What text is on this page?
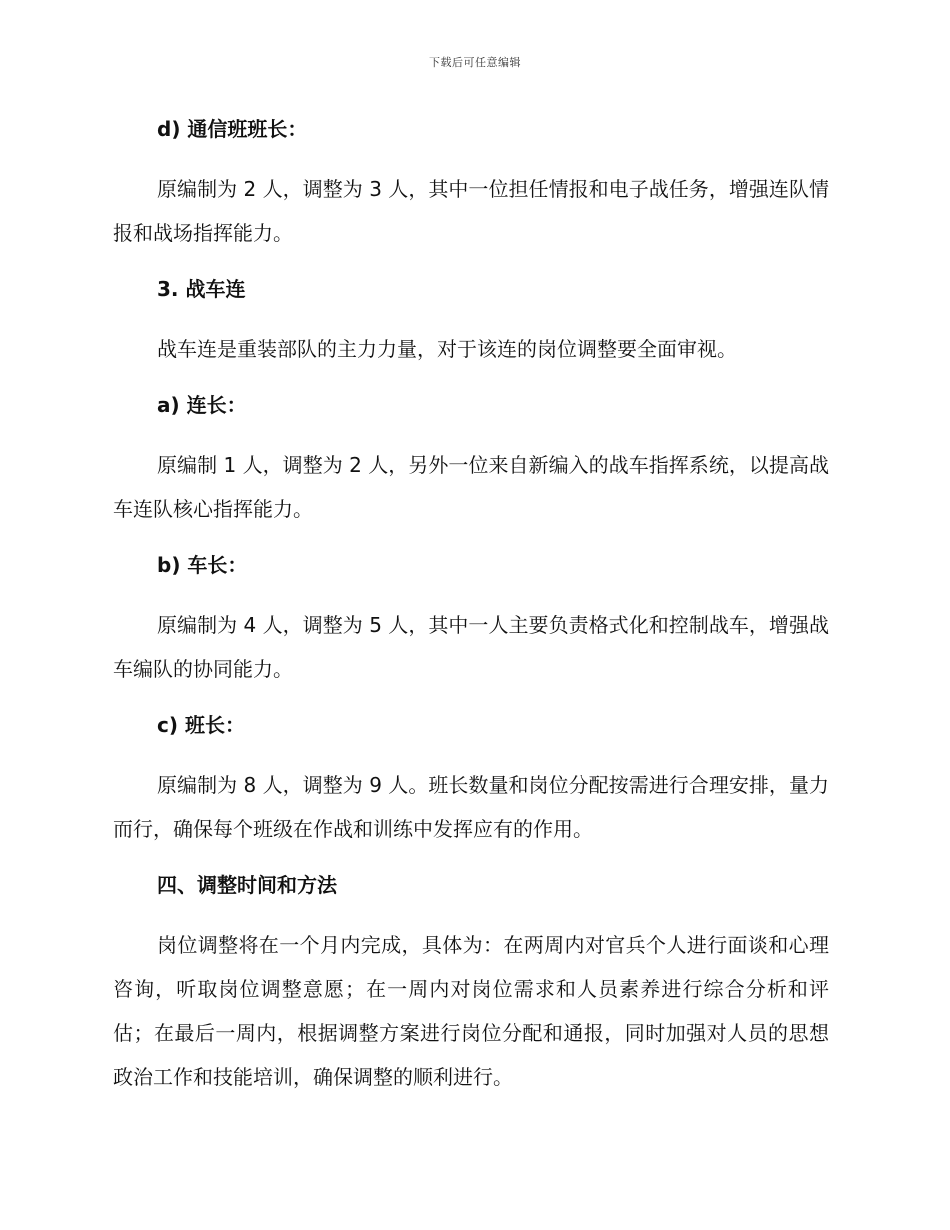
下载后可任意编辑

d) 通信班班长：

原编制为 2 人，调整为 3 人，其中一位担任情报和电子战任务，增强连队情报和战场指挥能力。

3. 战车连

战车连是重装部队的主力力量，对于该连的岗位调整要全面审视。

a) 连长：

原编制 1 人，调整为 2 人，另外一位来自新编入的战车指挥系统，以提高战车连队核心指挥能力。

b) 车长：

原编制为 4 人，调整为 5 人，其中一人主要负责格式化和控制战车，增强战车编队的协同能力。

c) 班长：

原编制为 8 人，调整为 9 人。班长数量和岗位分配按需进行合理安排，量力而行，确保每个班级在作战和训练中发挥应有的作用。

四、调整时间和方法

岗位调整将在一个月内完成，具体为：在两周内对官兵个人进行面谈和心理咨询，听取岗位调整意愿；在一周内对岗位需求和人员素养进行综合分析和评估；在最后一周内，根据调整方案进行岗位分配和通报，同时加强对人员的思想政治工作和技能培训，确保调整的顺利进行。
